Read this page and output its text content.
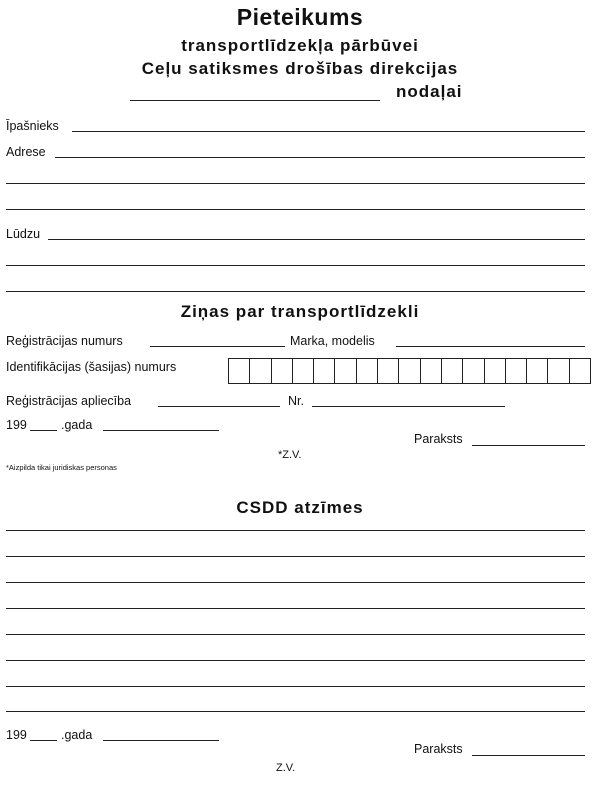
Pieteikums
transportlīdzekļa pārbūvei
Ceļu satiksmes drošības direkcijas
nodaļai
Īpašnieks
Adrese
Lūdzu
Ziņas par transportlīdzekli
Reģistrācijas numurs	Marka, modelis
Identifikācijas (šasijas) numurs
Reģistrācijas apliecība	Nr.
199	.gada
Paraksts
*Z.V.
*Aizpilda tikai juridiskas personas
CSDD atzīmes
199	.gada
Paraksts
Z.V.
